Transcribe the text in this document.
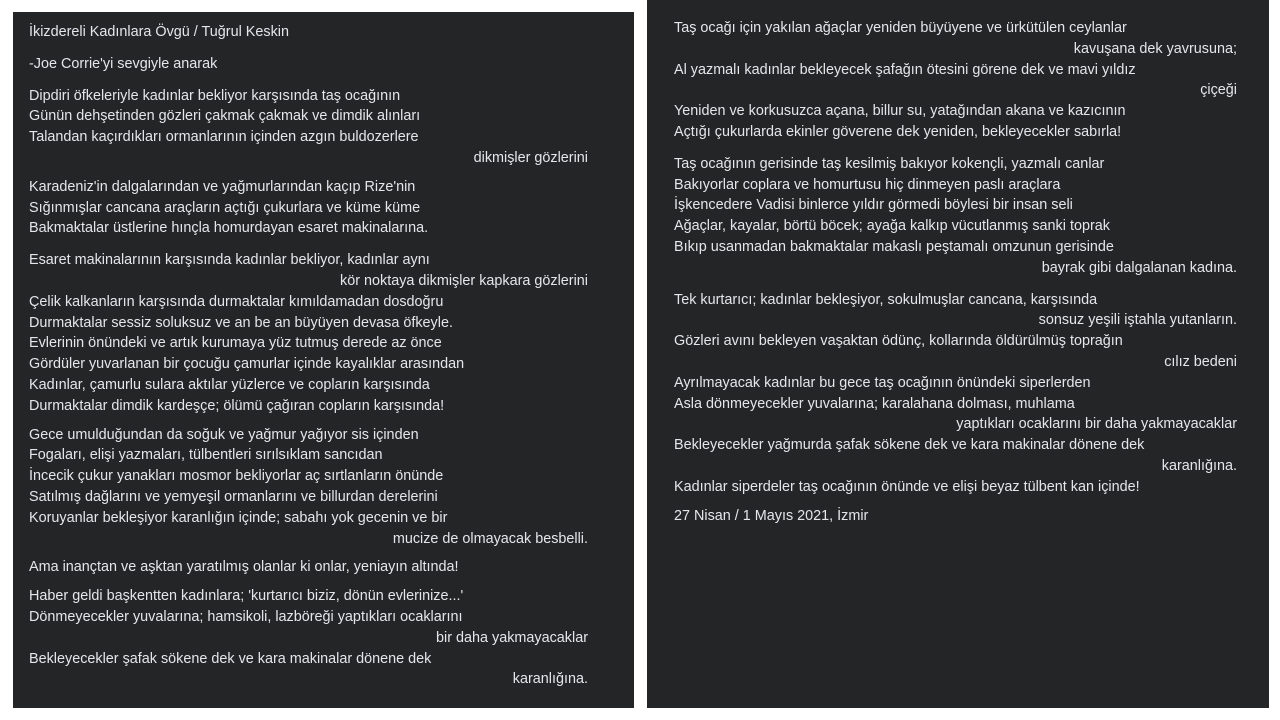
İkizdereli Kadınlara Övgü / Tuğrul Keskin
-Joe Corrie'yi sevgiyle anarak
Dipdiri öfkeleriyle kadınlar bekliyor karşısında taş ocağının
Günün dehşetinden gözleri çakmak çakmak ve dimdik alınları
Talandan kaçırdıkları ormanlarının içinden azgın buldozerlere
dikmişler gözlerini
Karadeniz'in dalgalarından ve yağmurlarından kaçıp Rize'nin
Sığınmışlar cancana araçların açtığı çukurlara ve küme küme
Bakmaktalar üstlerine hınçla homurdayan esaret makinalarına.
Esaret makinalarının karşısında kadınlar bekliyor, kadınlar aynı
kör noktaya dikmişler kapkara gözlerini
Çelik kalkanların karşısında durmaktalar kımıldamadan dosdoğru
Durmaktalar sessiz soluksuz ve an be an büyüyen devasa öfkeyle.
Evlerinin önündeki ve artık kurumaya yüz tutmuş derede az önce
Gördüler yuvarlanan bir çocuğu çamurlar içinde kayalıklar arasından
Kadınlar, çamurlu sulara aktılar yüzlerce ve copların karşısında
Durmaktalar dimdik kardeşçe; ölümü çağıran copların karşısında!
Gece umulduğundan da soğuk ve yağmur yağıyor sis içinden
Fogaları, elişi yazmaları, tülbentleri sırılsıklam sancıdan
İncecik çukur yanakları mosmor bekliyorlar aç sırtlanların önünde
Satılmış dağlarını ve yemyeşil ormanlarını ve billurdan derelerini
Koruyanlar bekleşiyor karanlığın içinde; sabahı yok gecenin ve bir
mucize de olmayacak besbelli.
Ama inançtan ve aşktan yaratılmış olanlar ki onlar, yeniayın altında!
Haber geldi başkentten kadınlara; 'kurtarıcı biziz, dönün evlerinize...'
Dönmeyecekler yuvalarına; hamsikoli, lazböreği yaptıkları ocaklarını
bir daha yakmayacaklar
Bekleyecekler şafak sökene dek ve kara makinalar dönene dek
karanlığına.
Taş ocağı için yakılan ağaçlar yeniden büyüyene ve ürkütülen ceylanlar
kavuşana dek yavrusuna;
Al yazmalı kadınlar bekleyecek şafağın ötesini görene dek ve mavi yıldız
çiçeği
Yeniden ve korkusuzca açana, billur su, yatağından akana ve kazıcının
Açtığı çukurlarda ekinler göverene dek yeniden, bekleyecekler sabırla!
Taş ocağının gerisinde taş kesilmiş bakıyor kokençli, yazmalı canlar
Bakıyorlar coplara ve homurtusu hiç dinmeyen paslı araçlara
İşkencedere Vadisi binlerce yıldır görmedi böylesi bir insan seli
Ağaçlar, kayalar, börtü böcek; ayağa kalkıp vücutlanmış sanki toprak
Bıkıp usanmadan bakmaktalar makaslı peştamalı omzunun gerisinde
bayrak gibi dalgalanan kadına.
Tek kurtarıcı; kadınlar bekleşiyor, sokulmuşlar cancana, karşısında
sonsuz yeşili iştahla yutanların.
Gözleri avını bekleyen vaşaktan ödünç, kollarında öldürülmüş toprağın
cılız bedeni
Ayrılmayacak kadınlar bu gece taş ocağının önündeki siperlerden
Asla dönmeyecekler yuvalarına; karalahana dolması, muhlama
yaptıkları ocaklarını bir daha yakmayacaklar
Bekleyecekler yağmurda şafak sökene dek ve kara makinalar dönene dek
karanlığına.
Kadınlar siperdeler taş ocağının önünde ve elişi beyaz tülbent kan içinde!
27 Nisan / 1 Mayıs 2021, İzmir
